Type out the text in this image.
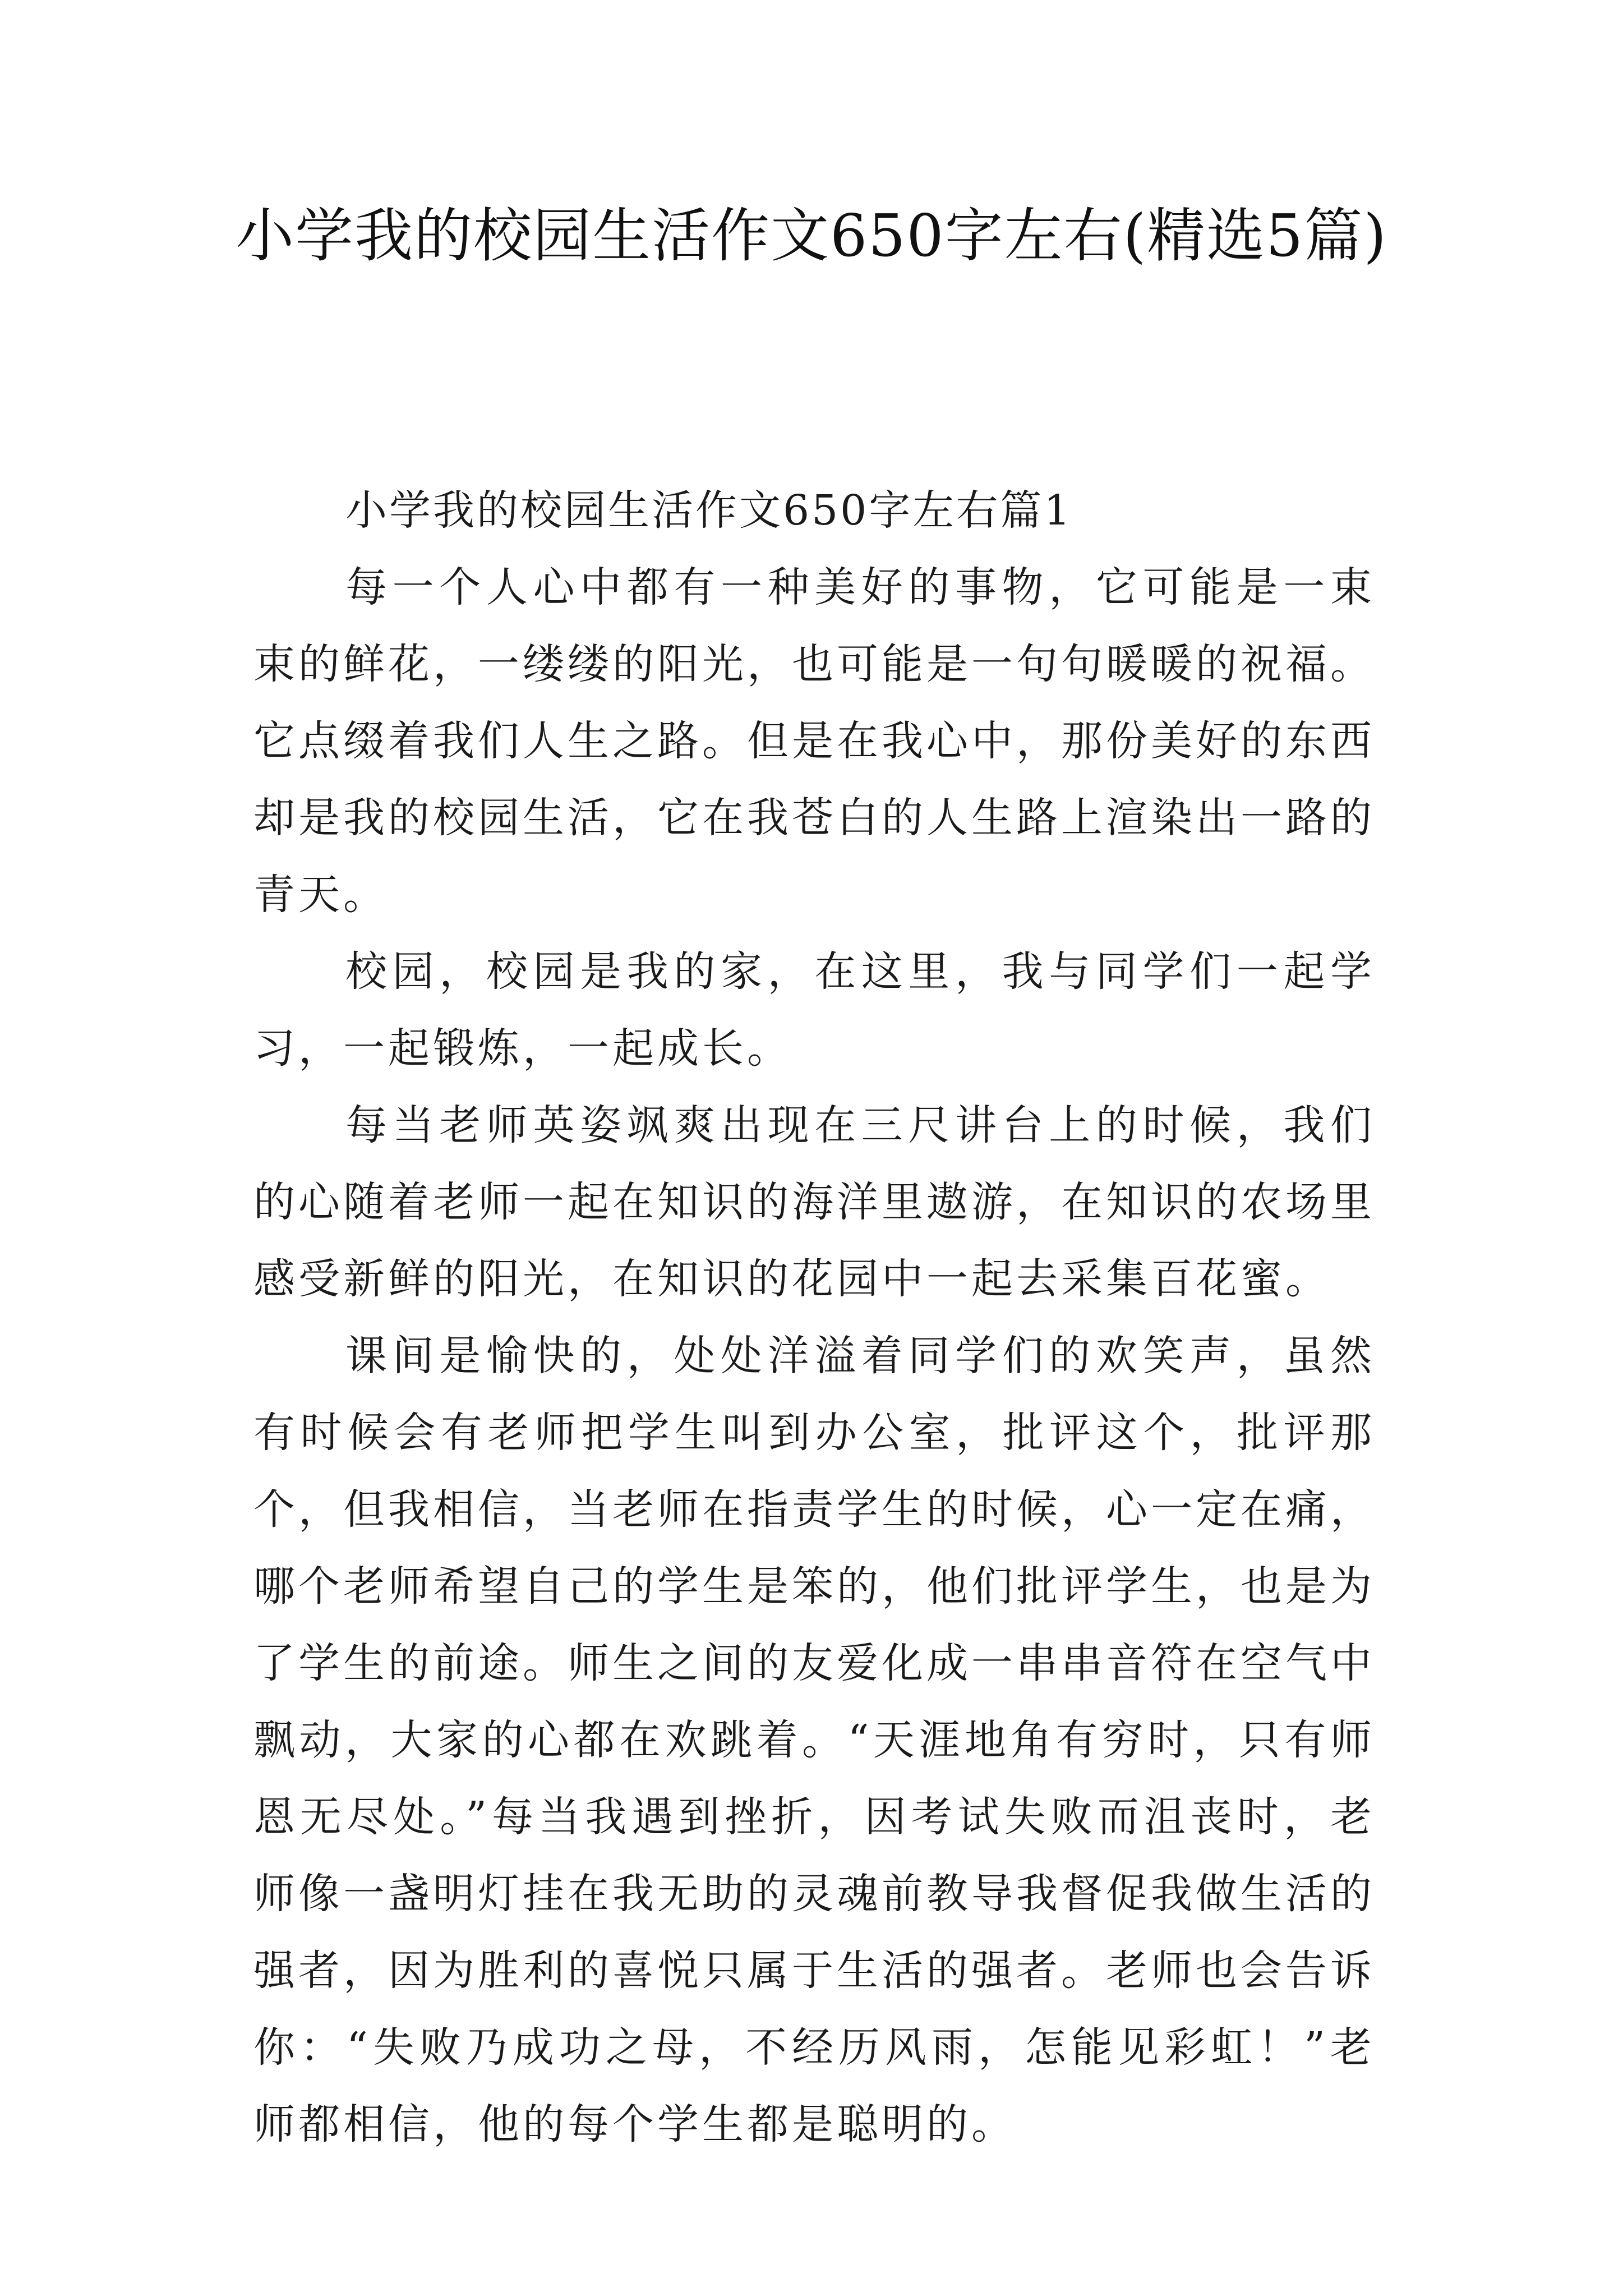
小学我的校园生活作文650字左右(精选5篇)

小学我的校园生活作文650字左右篇1

每一个人心中都有一种美好的事物，它可能是一束束的鲜花，一缕缕的阳光，也可能是一句句暖暖的祝福。它点缀着我们人生之路。但是在我心中，那份美好的东西却是我的校园生活，它在我苍白的人生路上渲染出一路的青天。

校园，校园是我的家，在这里，我与同学们一起学习，一起锻炼，一起成长。

每当老师英姿飒爽出现在三尺讲台上的时候，我们的心随着老师一起在知识的海洋里遨游，在知识的农场里感受新鲜的阳光，在知识的花园中一起去采集百花蜜。

课间是愉快的，处处洋溢着同学们的欢笑声，虽然有时候会有老师把学生叫到办公室，批评这个，批评那个，但我相信，当老师在指责学生的时候，心一定在痛，哪个老师希望自己的学生是笨的，他们批评学生，也是为了学生的前途。师生之间的友爱化成一串串音符在空气中飘动，大家的心都在欢跳着。“天涯地角有穷时，只有师恩无尽处。”每当我遇到挫折，因考试失败而沮丧时，老师像一盏明灯挂在我无助的灵魂前教导我督促我做生活的强者，因为胜利的喜悦只属于生活的强者。老师也会告诉你：“失败乃成功之母，不经历风雨，怎能见彩虹！”老师都相信，他的每个学生都是聪明的。
